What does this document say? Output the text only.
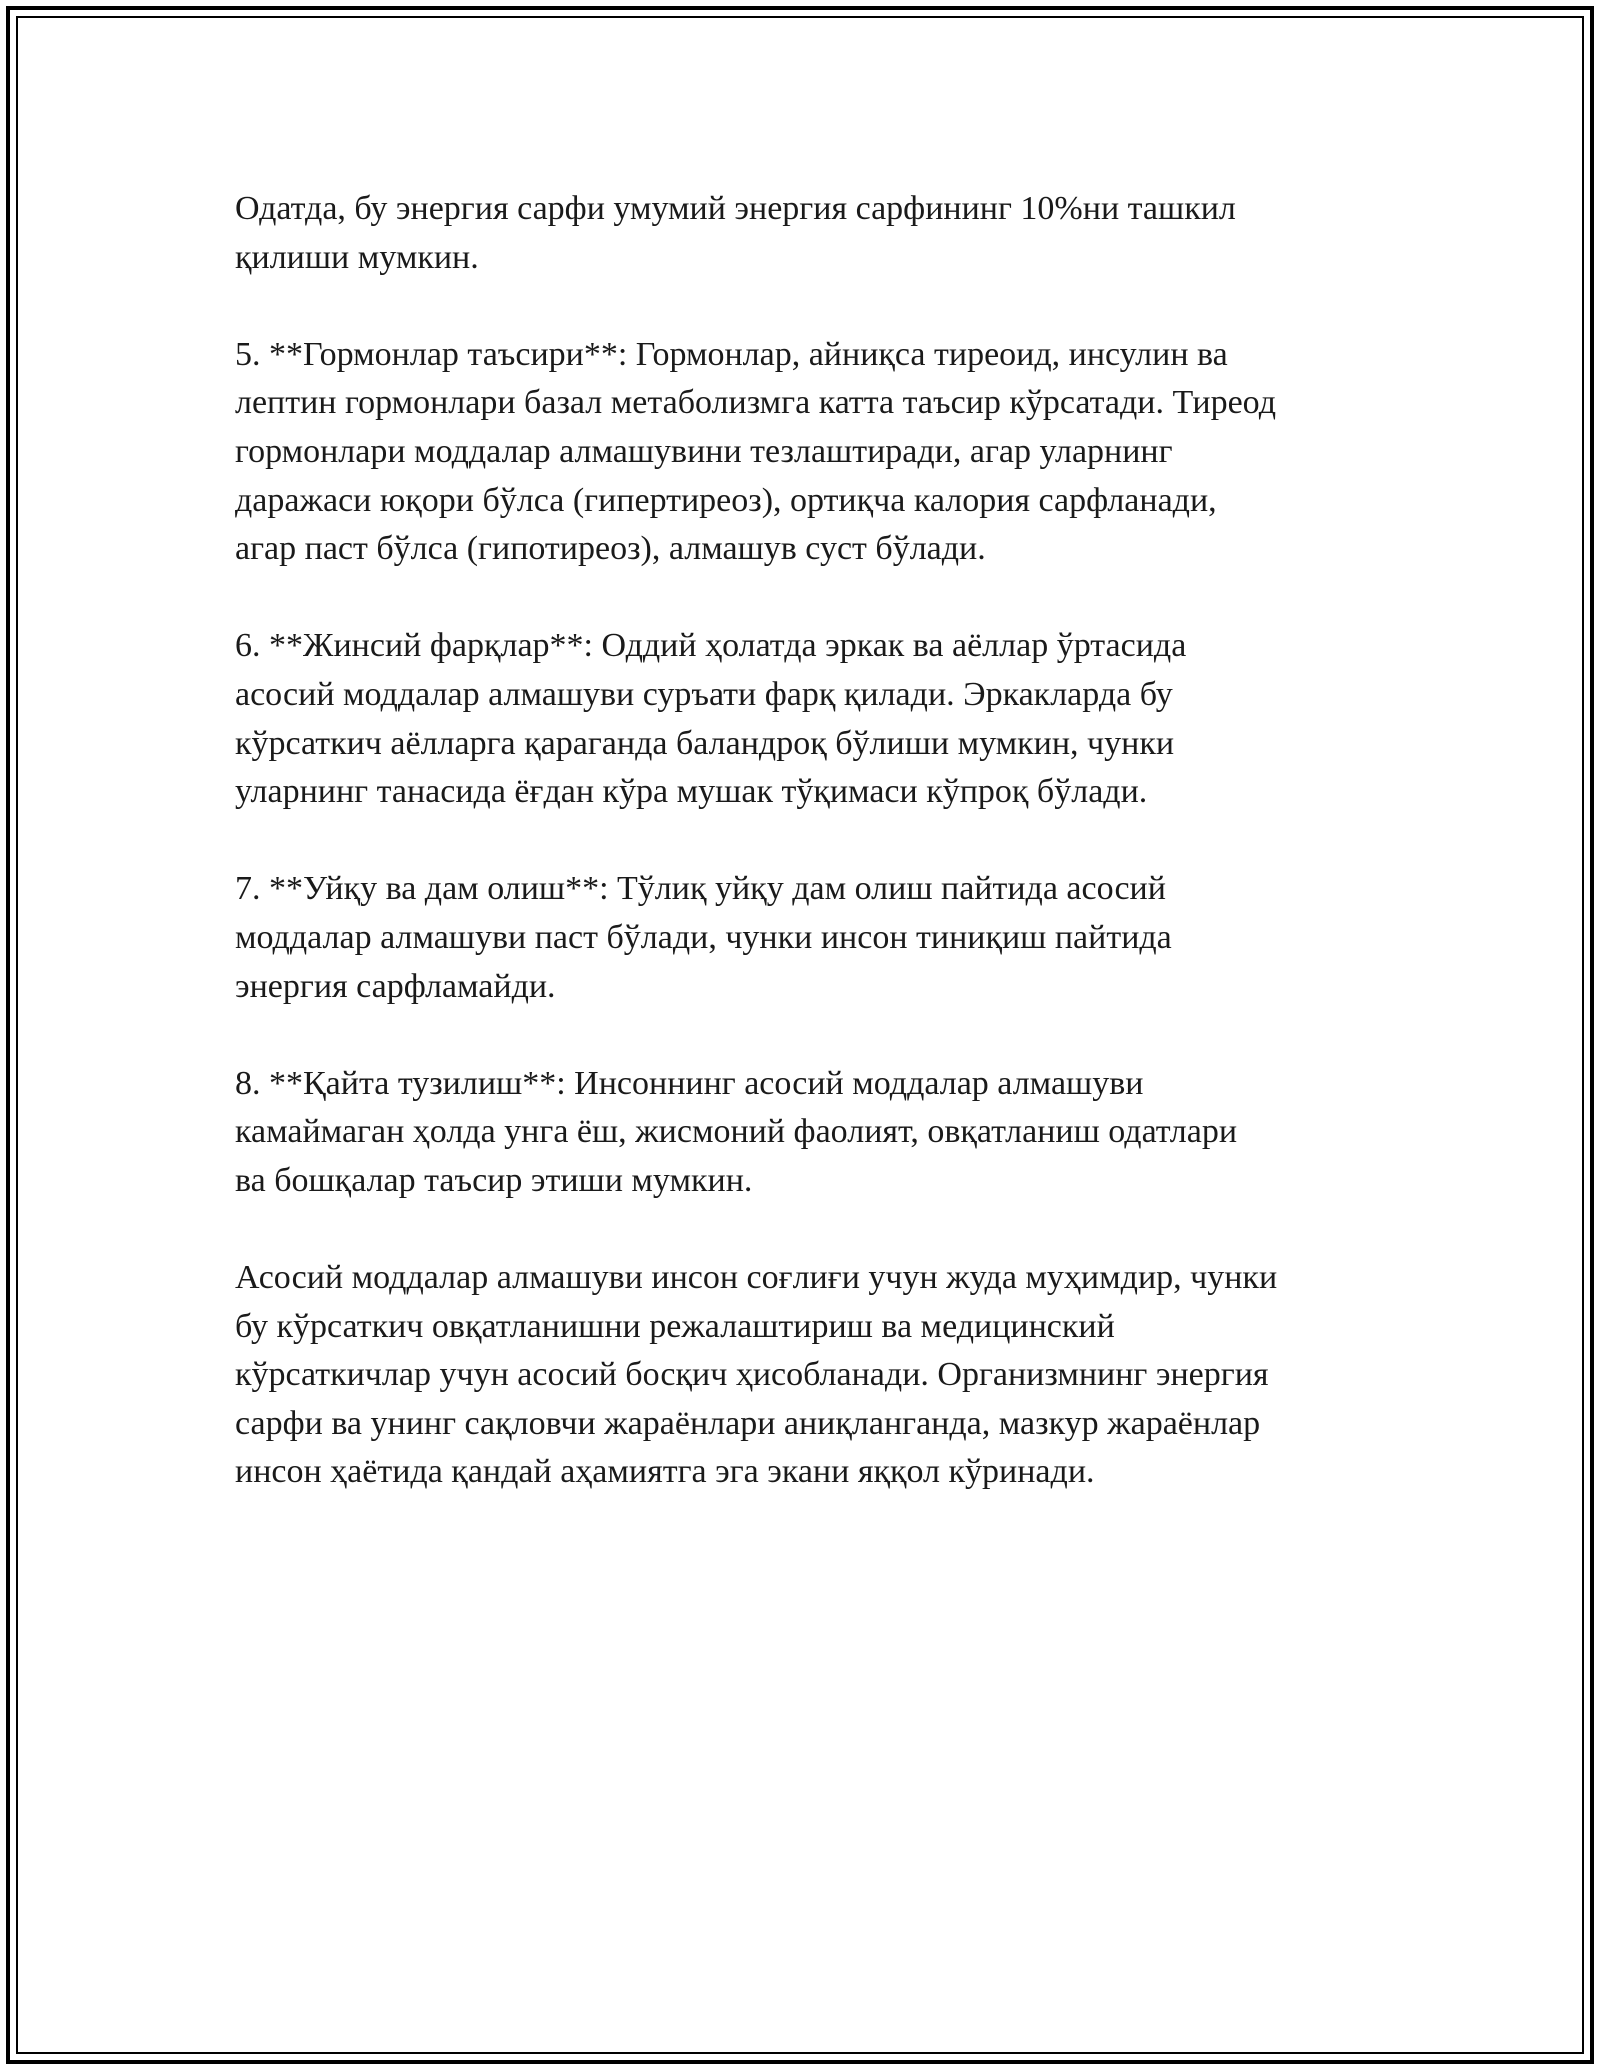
Одатда, бу энергия сарфи умумий энергия сарфининг 10%ни ташкил
қилиши мумкин.

5. **Гормонлар таъсири**: Гормонлар, айниқса тиреоид, инсулин ва
лептин гормонлари базал метаболизмга катта таъсир кўрсатади. Тиреод
гормонлари моддалар алмашувини тезлаштиради, агар уларнинг
даражаси юқори бўлса (гипертиреоз), ортиқча калория сарфланади,
агар паст бўлса (гипотиреоз), алмашув суст бўлади.

6. **Жинсий фарқлар**: Оддий ҳолатда эркак ва аёллар ўртасида
асосий моддалар алмашуви суръати фарқ қилади. Эркакларда бу
кўрсаткич аёлларга қараганда баландроқ бўлиши мумкин, чунки
уларнинг танасида ёғдан кўра мушак тўқимаси кўпроқ бўлади.

7. **Уйқу ва дам олиш**: Тўлиқ уйқу дам олиш пайтида асосий
моддалар алмашуви паст бўлади, чунки инсон тиниқиш пайтида
энергия сарфламайди.

8. **Қайта тузилиш**: Инсоннинг асосий моддалар алмашуви
камаймаган ҳолда унга ёш, жисмоний фаолият, овқатланиш одатлари
ва бошқалар таъсир этиши мумкин.

Асосий моддалар алмашуви инсон соғлиғи учун жуда муҳимдир, чунки
бу кўрсаткич овқатланишни режалаштириш ва медицинский
кўрсаткичлар учун асосий босқич ҳисобланади. Организмнинг энергия
сарфи ва унинг сақловчи жараёнлари аниқланганда, мазкур жараёнлар
инсон ҳаётида қандай аҳамиятга эга экани яққол кўринади.
